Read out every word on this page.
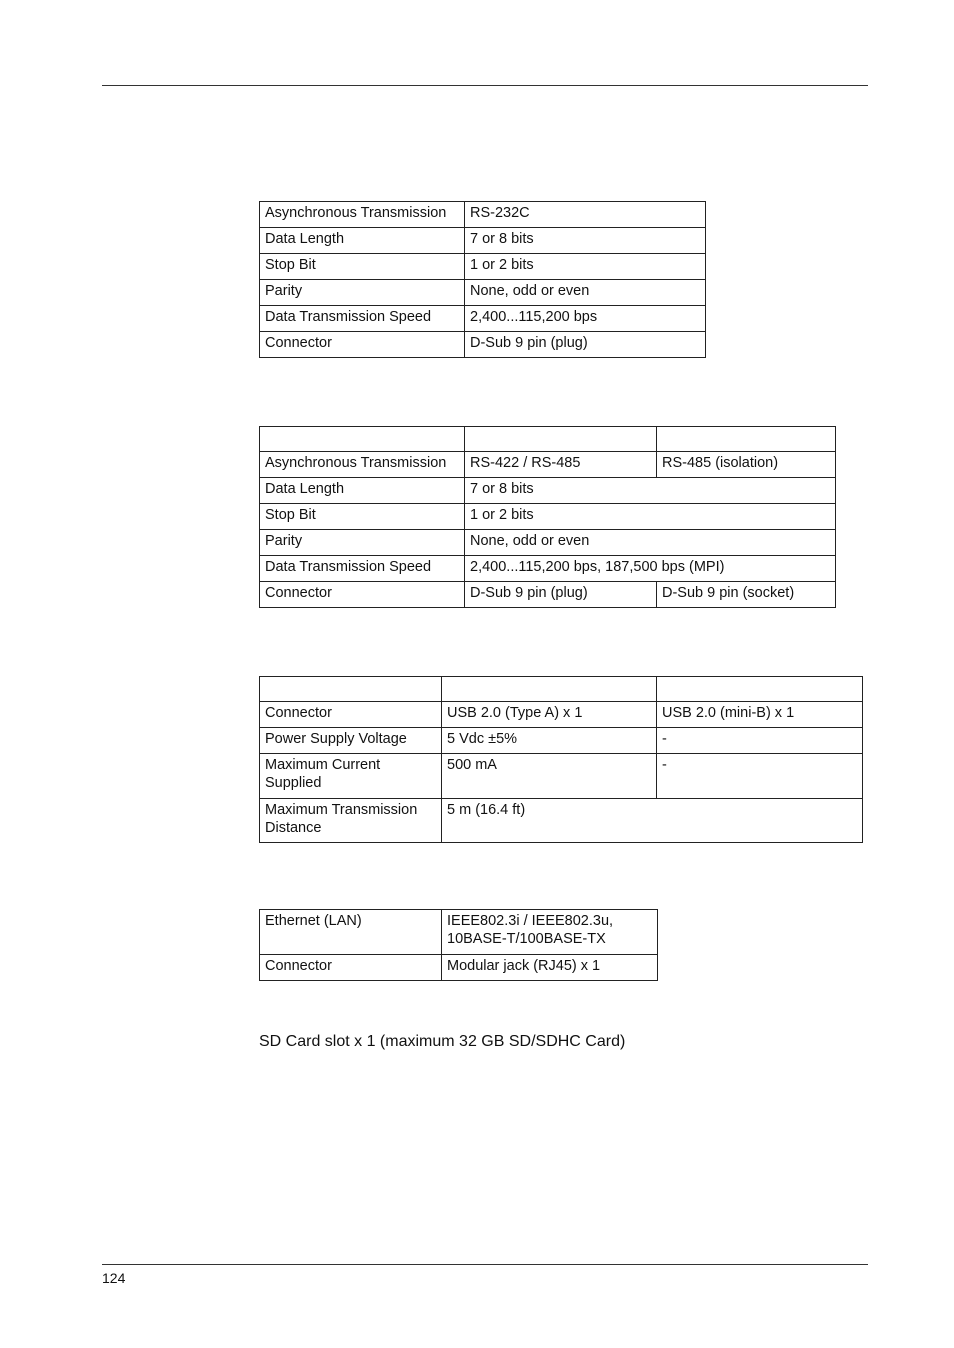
Asynchronous Transmission	RS-232C
Data Length	7 or 8 bits
Stop Bit	1 or 2 bits
Parity	None, odd or even
Data Transmission Speed	2,400...115,200 bps
Connector	D-Sub 9 pin (plug)

Asynchronous Transmission	RS-422 / RS-485	RS-485 (isolation)
Data Length	7 or 8 bits	
Stop Bit	1 or 2 bits	
Parity	None, odd or even	
Data Transmission Speed	2,400...115,200 bps, 187,500 bps (MPI)	
Connector	D-Sub 9 pin (plug)	D-Sub 9 pin (socket)

Connector	USB 2.0 (Type A) x 1	USB 2.0 (mini-B) x 1
Power Supply Voltage	5 Vdc ±5%	-
Maximum Current Supplied	500 mA	-
Maximum Transmission Distance	5 m (16.4 ft)	
Ethernet (LAN)	IEEE802.3i / IEEE802.3u, 10BASE-T/100BASE-TX
Connector	Modular jack (RJ45) x 1
SD Card slot x 1 (maximum 32 GB SD/SDHC Card)
124
